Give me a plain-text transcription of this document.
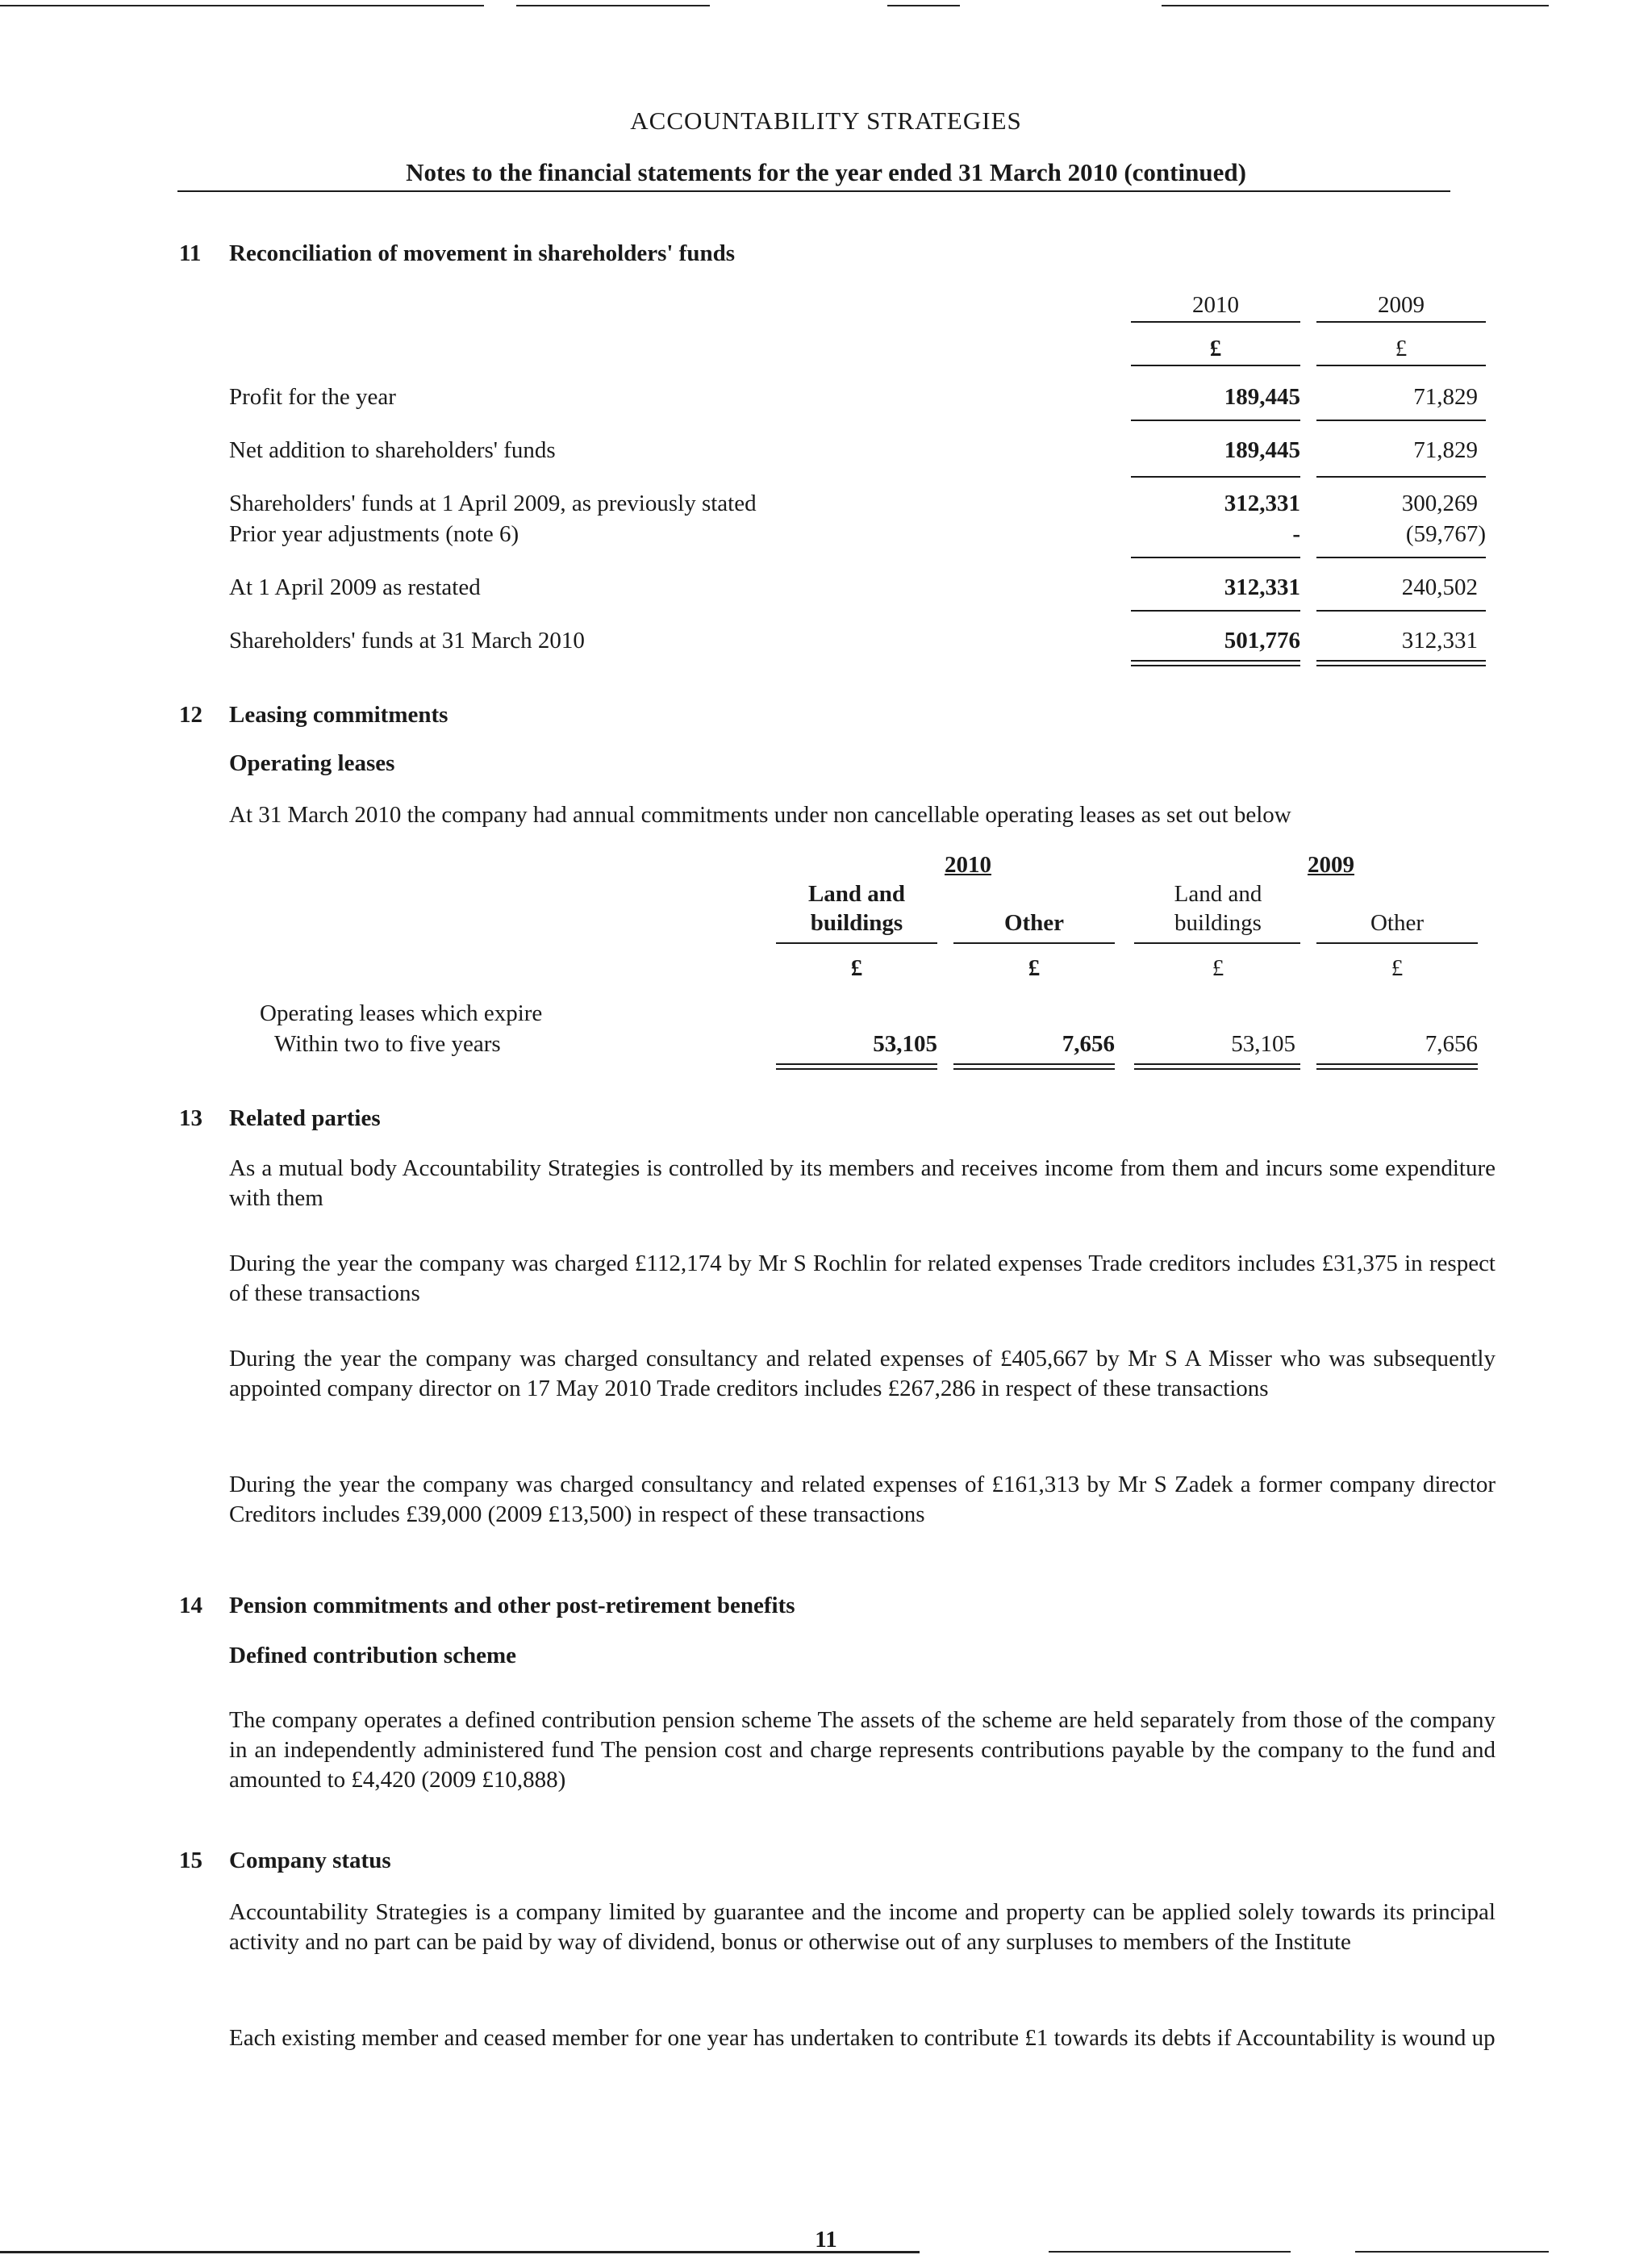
ACCOUNTABILITY STRATEGIES
Notes to the financial statements for the year ended 31 March 2010 (continued)
11 Reconciliation of movement in shareholders' funds
2010	2009
£	£
Profit for the year	189,445	71,829
Net addition to shareholders' funds	189,445	71,829
Shareholders' funds at 1 April 2009, as previously stated	312,331	300,269
Prior year adjustments (note 6)	-	(59,767)
At 1 April 2009 as restated	312,331	240,502
Shareholders' funds at 31 March 2010	501,776	312,331
12 Leasing commitments
Operating leases
At 31 March 2010 the company had annual commitments under non cancellable operating leases as set out below
2010	2009
Land and
buildings	Other
Land and
buildings	Other
£	£	£	£
Operating leases which expire
Within two to five years	53,105	7,656	53,105	7,656
13 Related parties
As a mutual body Accountability Strategies is controlled by its members and receives income from them and incurs some expenditure with them
During the year the company was charged £112,174 by Mr S Rochlin for related expenses Trade creditors includes £31,375 in respect of these transactions
During the year the company was charged consultancy and related expenses of £405,667 by Mr S A Misser who was subsequently appointed company director on 17 May 2010 Trade creditors includes £267,286 in respect of these transactions
During the year the company was charged consultancy and related expenses of £161,313 by Mr S Zadek a former company director Creditors includes £39,000 (2009 £13,500) in respect of these transactions
14 Pension commitments and other post-retirement benefits
Defined contribution scheme
The company operates a defined contribution pension scheme The assets of the scheme are held separately from those of the company in an independently administered fund The pension cost and charge represents contributions payable by the company to the fund and amounted to £4,420 (2009 £10,888)
15 Company status
Accountability Strategies is a company limited by guarantee and the income and property can be applied solely towards its principal activity and no part can be paid by way of dividend, bonus or otherwise out of any surpluses to members of the Institute
Each existing member and ceased member for one year has undertaken to contribute £1 towards its debts if Accountability is wound up
11
